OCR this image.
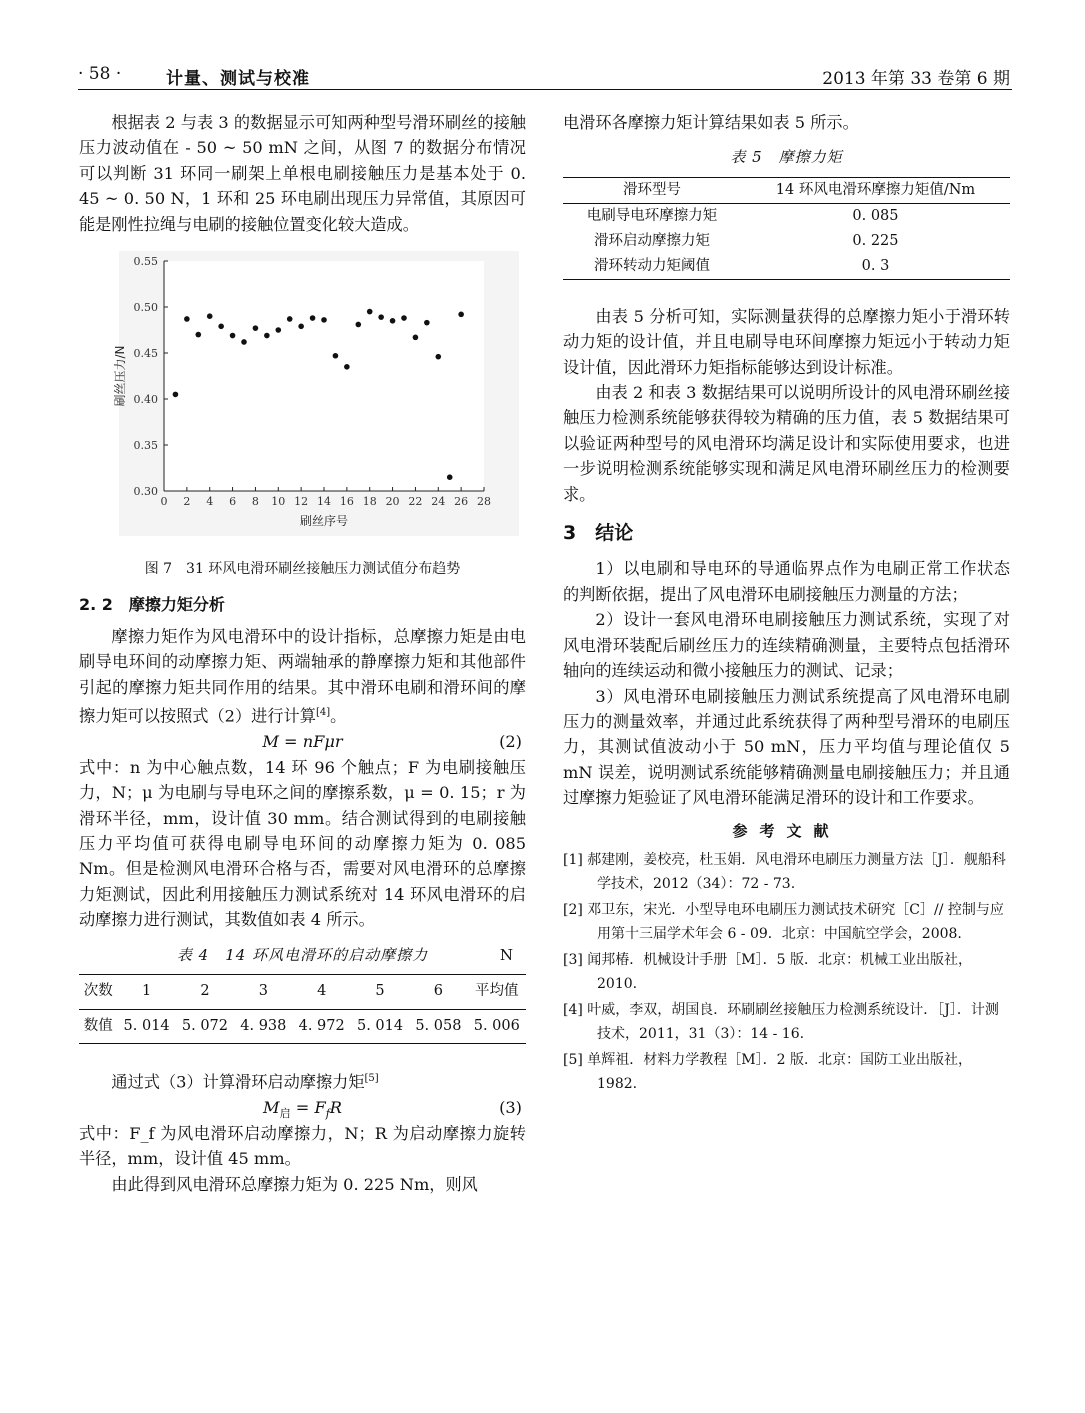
· 58 ·	计量、测试与校准	2013 年第 33 卷第 6 期

根据表 2 与表 3 的数据显示可知两种型号滑环刷丝的接触压力波动值在 - 50 ~ 50 mN 之间，从图 7 的数据分布情况可以判断 31 环同一刷架上单根电刷接触压力是基本处于 0. 45 ~ 0. 50 N，1 环和 25 环电刷出现压力异常值，其原因可能是刚性拉绳与电刷的接触位置变化较大造成。

0.30
0.35
0.40
0.45
0.50
0.55
0 2 4 6 8 10 12 14 16 18 20 22 24 26 28
刷丝序号
刷丝压力/N
图 7　31 环风电滑环刷丝接触压力测试值分布趋势
2. 2　摩擦力矩分析

摩擦力矩作为风电滑环中的设计指标，总摩擦力矩是由电刷导电环间的动摩擦力矩、两端轴承的静摩擦力矩和其他部件引起的摩擦力矩共同作用的结果。其中滑环电刷和滑环间的摩擦力矩可以按照式（2）进行计算[4]。

M = nFμr	(2)

式中：n 为中心触点数，14 环 96 个触点；F 为电刷接触压力，N；μ 为电刷与导电环之间的摩擦系数，μ = 0. 15；r 为滑环半径，mm，设计值 30 mm。结合测试得到的电刷接触压力平均值可获得电刷导电环间的动摩擦力矩为 0. 085 Nm。但是检测风电滑环合格与否，需要对风电滑环的总摩擦力矩测试，因此利用接触压力测试系统对 14 环风电滑环的启动摩擦力进行测试，其数值如表 4 所示。

表 4　14 环风电滑环的启动摩擦力	N
次数	1	2	3	4	5	6	平均值
数值	5. 014	5. 072	4. 938	4. 972	5. 014	5. 058	5. 006

通过式（3）计算滑环启动摩擦力矩[5]

$M_启 = F_fR$	(3)

式中：F_f 为风电滑环启动摩擦力，N；R 为启动摩擦力旋转半径，mm，设计值 45 mm。

由此得到风电滑环总摩擦力矩为 0. 225 Nm，则风

电滑环各摩擦力矩计算结果如表 5 所示。

表 5　摩擦力矩
滑环型号	14 环风电滑环摩擦力矩值/Nm
电刷导电环摩擦力矩	0. 085
滑环启动摩擦力矩	0. 225
滑环转动力矩阈值	0. 3

由表 5 分析可知，实际测量获得的总摩擦力矩小于滑环转动力矩的设计值，并且电刷导电环间摩擦力矩远小于转动力矩设计值，因此滑环力矩指标能够达到设计标准。

由表 2 和表 3 数据结果可以说明所设计的风电滑环刷丝接触压力检测系统能够获得较为精确的压力值，表 5 数据结果可以验证两种型号的风电滑环均满足设计和实际使用要求，也进一步说明检测系统能够实现和满足风电滑环刷丝压力的检测要求。

3　结论

1）以电刷和导电环的导通临界点作为电刷正常工作状态的判断依据，提出了风电滑环电刷接触压力测量的方法；

2）设计一套风电滑环电刷接触压力测试系统，实现了对风电滑环装配后刷丝压力的连续精确测量，主要特点包括滑环轴向的连续运动和微小接触压力的测试、记录；

3）风电滑环电刷接触压力测试系统提高了风电滑环电刷压力的测量效率，并通过此系统获得了两种型号滑环的电刷压力，其测试值波动小于 50 mN，压力平均值与理论值仅 5 mN 误差，说明测试系统能够精确测量电刷接触压力；并且通过摩擦力矩验证了风电滑环能满足滑环的设计和工作要求。

参考文献

[1] 郝建刚，姜校亮，杜玉娟．风电滑环电刷压力测量方法［J］．舰船科学技术，2012（34）：72 - 73.

[2] 邓卫东，宋光．小型导电环电刷压力测试技术研究［C］// 控制与应用第十三届学术年会 6 - 09．北京：中国航空学会，2008.

[3] 闻邦椿．机械设计手册［M］．5 版．北京：机械工业出版社，2010.

[4] 叶威，李双，胡国良．环刷刷丝接触压力检测系统设计．［J］．计测技术，2011，31（3）：14 - 16.

[5] 单辉祖．材料力学教程［M］．2 版．北京：国防工业出版社，1982.
